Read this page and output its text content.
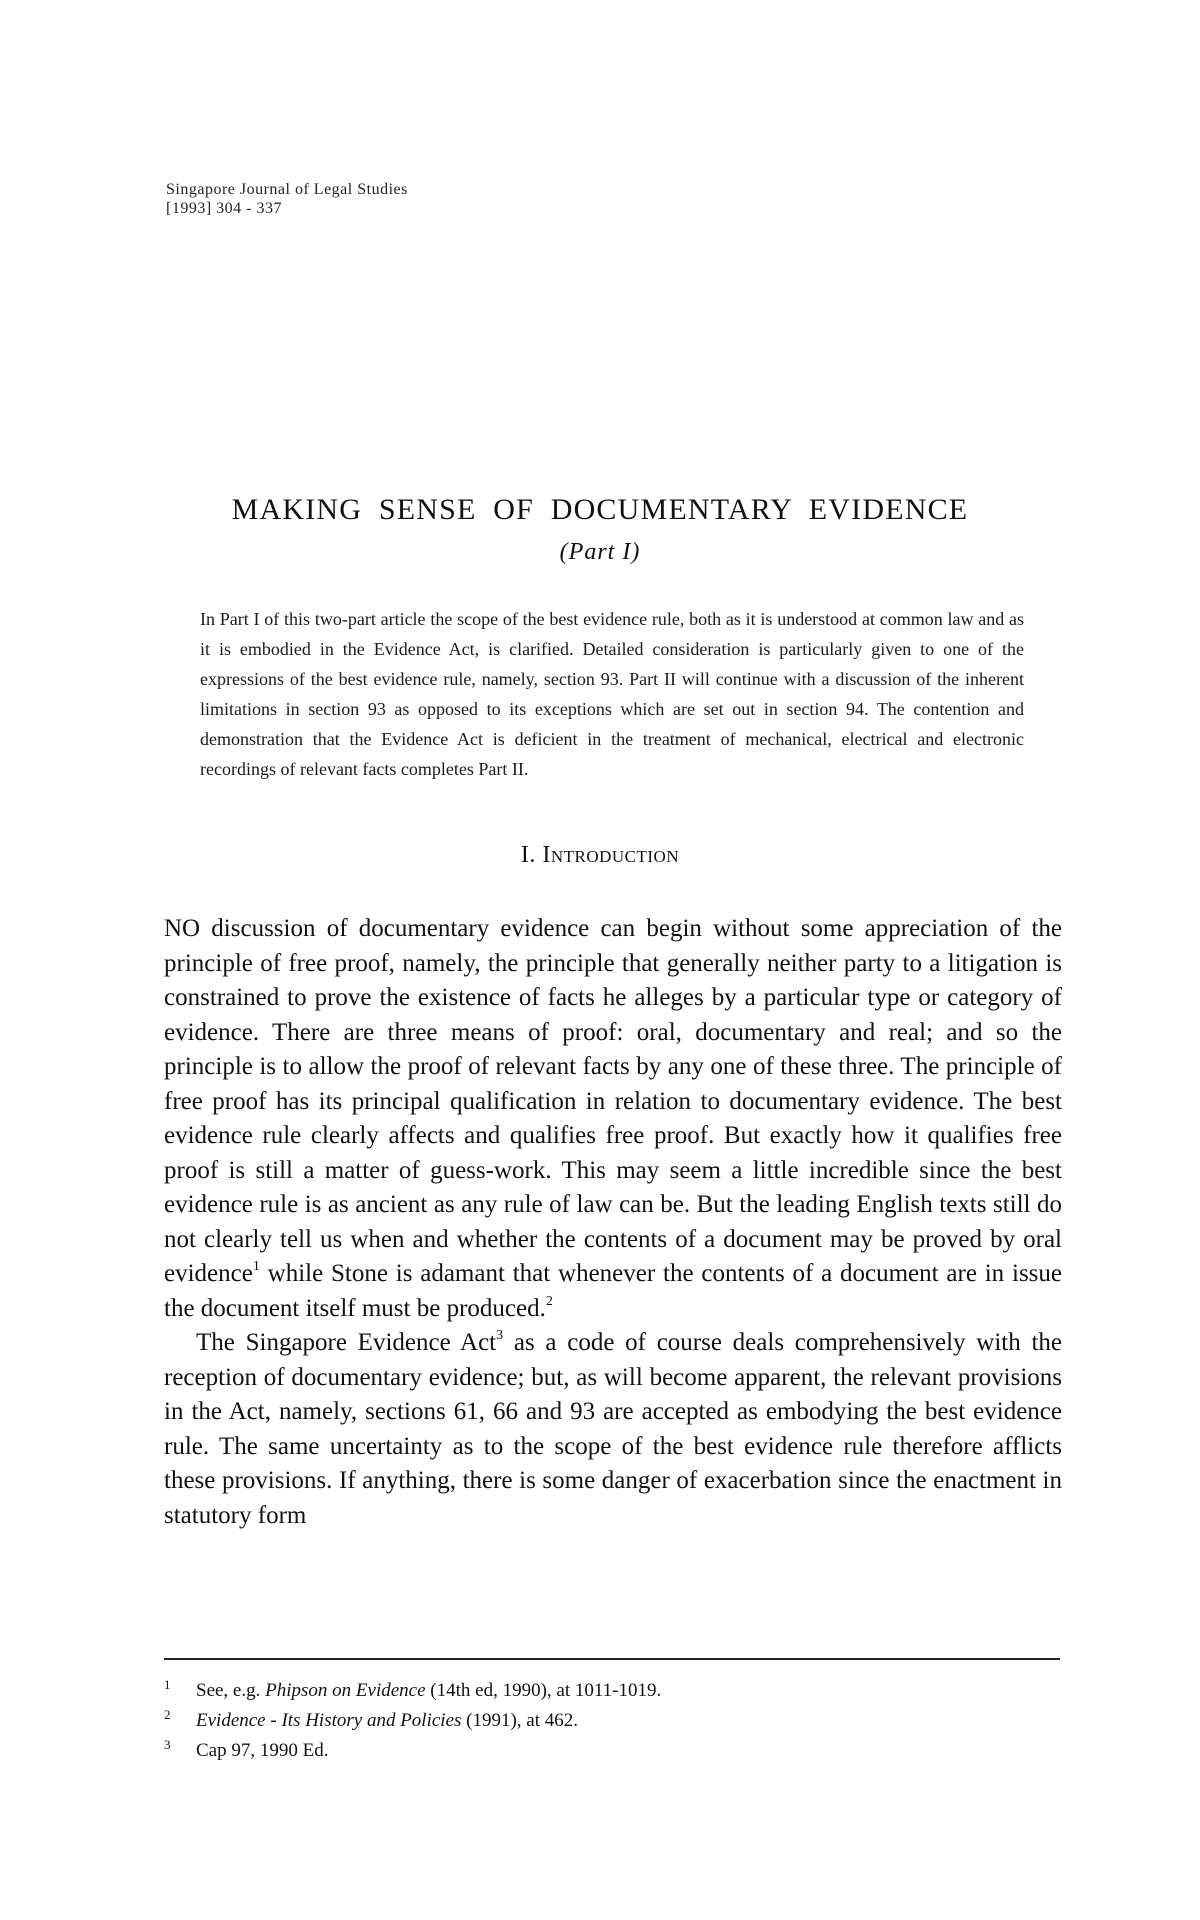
Singapore Journal of Legal Studies
[1993] 304 - 337
MAKING SENSE OF DOCUMENTARY EVIDENCE
(Part I)
In Part I of this two-part article the scope of the best evidence rule, both as it is understood at common law and as it is embodied in the Evidence Act, is clarified. Detailed consideration is particularly given to one of the expressions of the best evidence rule, namely, section 93. Part II will continue with a discussion of the inherent limitations in section 93 as opposed to its exceptions which are set out in section 94. The contention and demonstration that the Evidence Act is deficient in the treatment of mechanical, electrical and electronic recordings of relevant facts completes Part II.
I. Introduction

NO discussion of documentary evidence can begin without some appreciation of the principle of free proof, namely, the principle that generally neither party to a litigation is constrained to prove the existence of facts he alleges by a particular type or category of evidence. There are three means of proof: oral, documentary and real; and so the principle is to allow the proof of relevant facts by any one of these three. The principle of free proof has its principal qualification in relation to documentary evidence. The best evidence rule clearly affects and qualifies free proof. But exactly how it qualifies free proof is still a matter of guess-work. This may seem a little incredible since the best evidence rule is as ancient as any rule of law can be. But the leading English texts still do not clearly tell us when and whether the contents of a document may be proved by oral evidence$^1$ while Stone is adamant that whenever the contents of a document are in issue the document itself must be produced.$^2$

The Singapore Evidence Act$^3$ as a code of course deals comprehensively with the reception of documentary evidence; but, as will become apparent, the relevant provisions in the Act, namely, sections 61, 66 and 93 are accepted as embodying the best evidence rule. The same uncertainty as to the scope of the best evidence rule therefore afflicts these provisions. If anything, there is some danger of exacerbation since the enactment in statutory form

1 See, e.g. Phipson on Evidence (14th ed, 1990), at 1011-1019.
2 Evidence - Its History and Policies (1991), at 462.
3 Cap 97, 1990 Ed.
